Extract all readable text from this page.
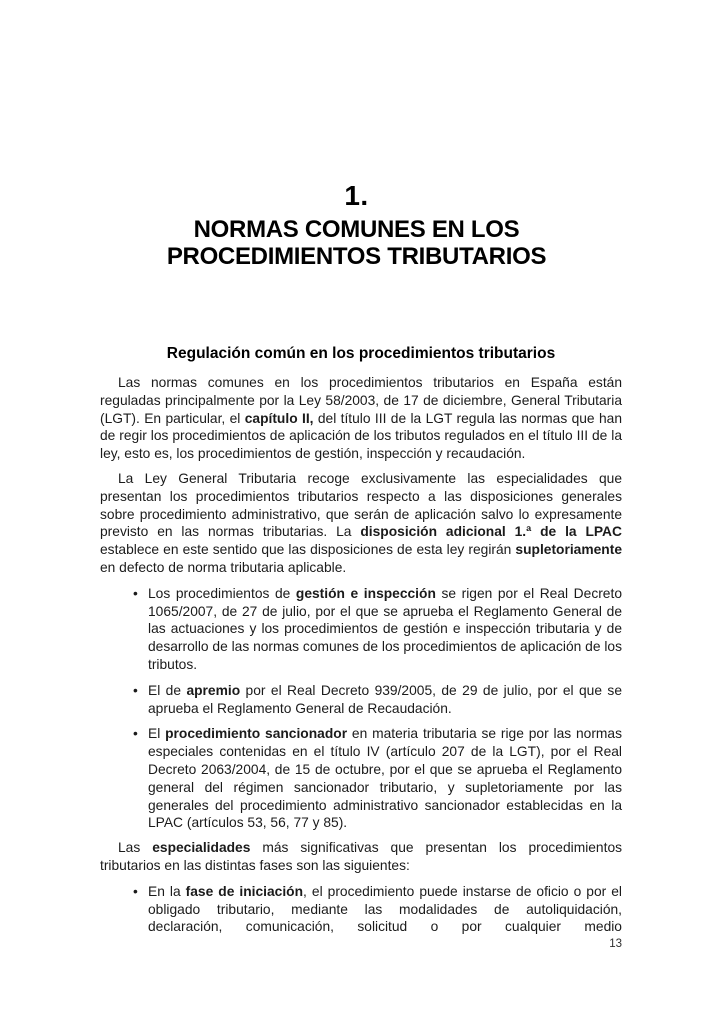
1.
NORMAS COMUNES EN LOS PROCEDIMIENTOS TRIBUTARIOS
Regulación común en los procedimientos tributarios
Las normas comunes en los procedimientos tributarios en España están reguladas principalmente por la Ley 58/2003, de 17 de diciembre, General Tributaria (LGT). En particular, el capítulo II, del título III de la LGT regula las normas que han de regir los procedimientos de aplicación de los tributos regulados en el título III de la ley, esto es, los procedimientos de gestión, inspección y recaudación.
La Ley General Tributaria recoge exclusivamente las especialidades que presentan los procedimientos tributarios respecto a las disposiciones generales sobre procedimiento administrativo, que serán de aplicación salvo lo expresamente previsto en las normas tributarias. La disposición adicional 1.ª de la LPAC establece en este sentido que las disposiciones de esta ley regirán supletoriamente en defecto de norma tributaria aplicable.
• Los procedimientos de gestión e inspección se rigen por el Real Decreto 1065/2007, de 27 de julio, por el que se aprueba el Reglamento General de las actuaciones y los procedimientos de gestión e inspección tributaria y de desarrollo de las normas comunes de los procedimientos de aplicación de los tributos.
• El de apremio por el Real Decreto 939/2005, de 29 de julio, por el que se aprueba el Reglamento General de Recaudación.
• El procedimiento sancionador en materia tributaria se rige por las normas especiales contenidas en el título IV (artículo 207 de la LGT), por el Real Decreto 2063/2004, de 15 de octubre, por el que se aprueba el Reglamento general del régimen sancionador tributario, y supletoriamente por las generales del procedimiento administrativo sancionador establecidas en la LPAC (artículos 53, 56, 77 y 85).
Las especialidades más significativas que presentan los procedimientos tributarios en las distintas fases son las siguientes:
• En la fase de iniciación, el procedimiento puede instarse de oficio o por el obligado tributario, mediante las modalidades de autoliquidación, declaración, comunicación, solicitud o por cualquier medio
13
